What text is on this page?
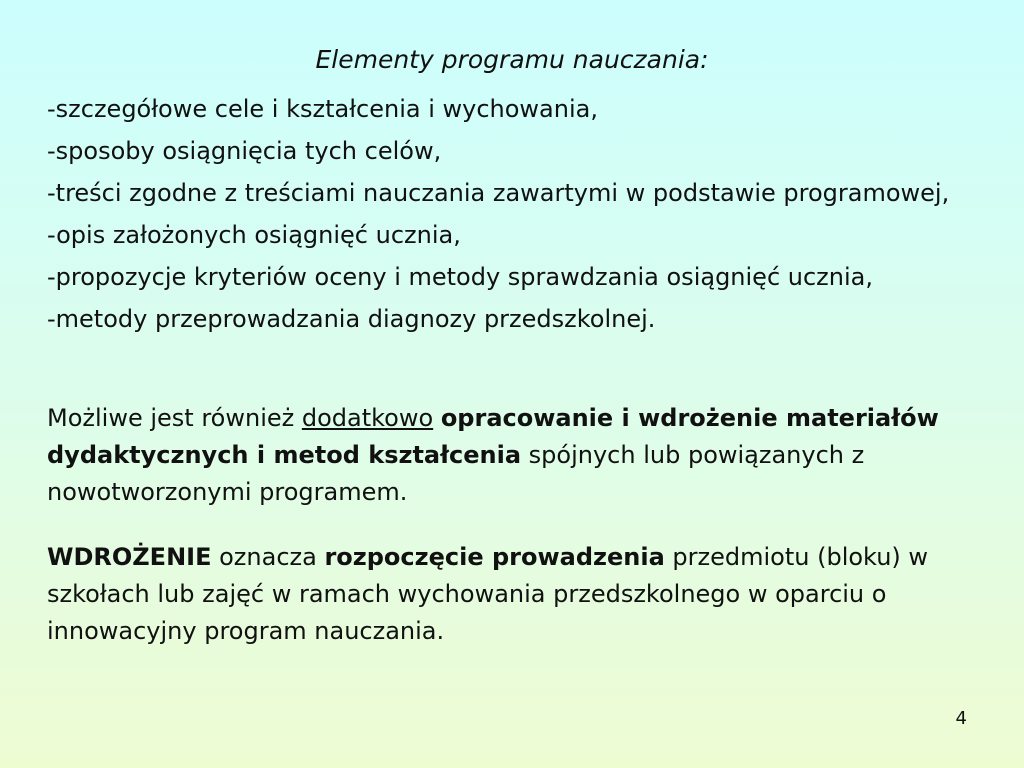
Elementy programu nauczania:
-szczegółowe cele i kształcenia i wychowania,
-sposoby osiągnięcia tych celów,
-treści zgodne z treściami nauczania zawartymi w podstawie programowej,
-opis założonych osiągnięć ucznia,
-propozycje kryteriów oceny i metody sprawdzania osiągnięć ucznia,
-metody przeprowadzania diagnozy przedszkolnej.

Możliwe jest również dodatkowo opracowanie i wdrożenie materiałów dydaktycznych i metod kształcenia spójnych lub powiązanych z nowotworzonymi programem.

WDROŻENIE oznacza rozpoczęcie prowadzenia przedmiotu (bloku) w szkołach lub zajęć w ramach wychowania przedszkolnego w oparciu o innowacyjny program nauczania.

4
